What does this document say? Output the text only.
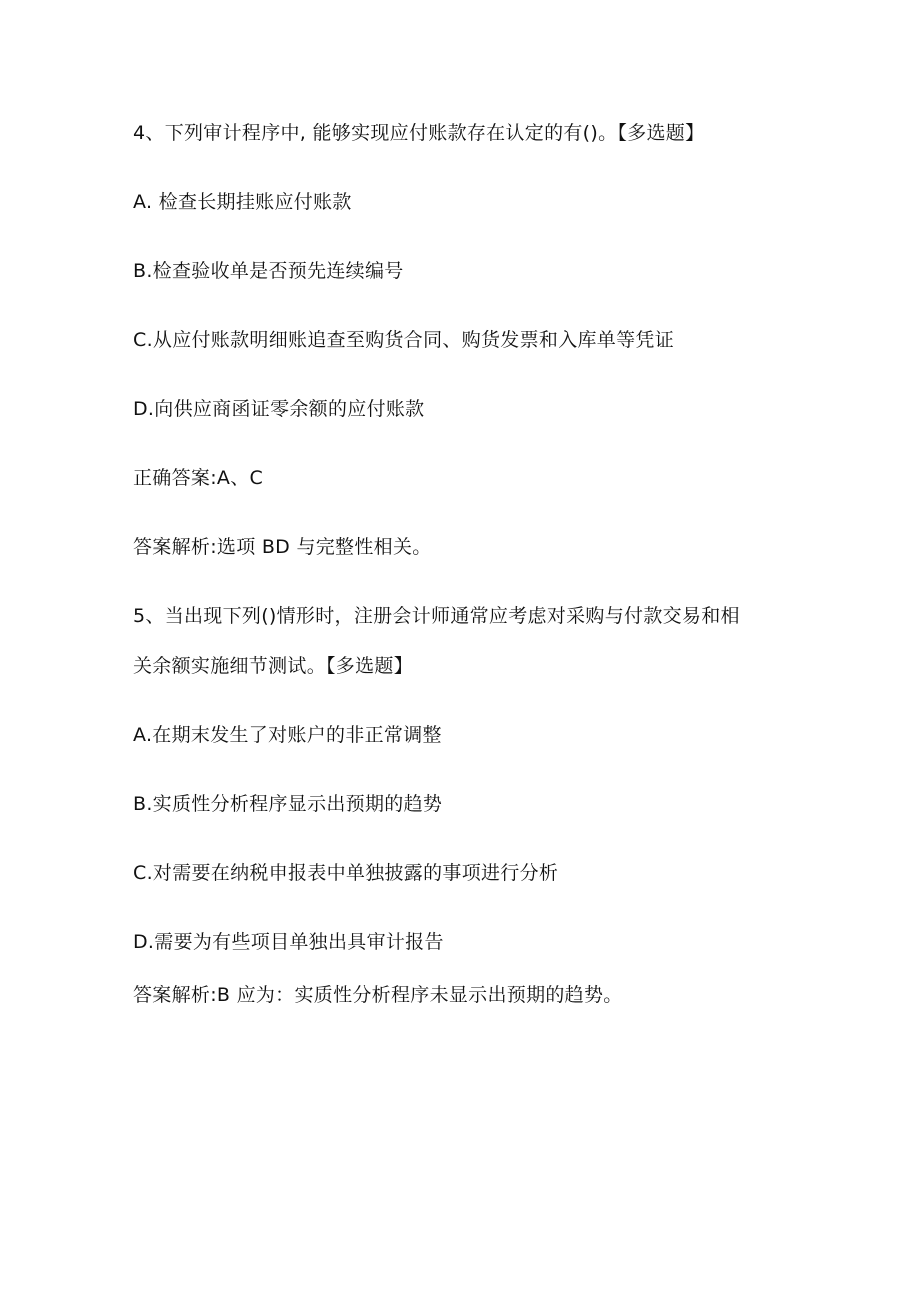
4、下列审计程序中, 能够实现应付账款存在认定的有()。【多选题】

A. 检查长期挂账应付账款

B.检查验收单是否预先连续编号

C.从应付账款明细账追查至购货合同、购货发票和入库单等凭证

D.向供应商函证零余额的应付账款

正确答案:A、C

答案解析:选项 BD 与完整性相关。

5、当出现下列()情形时，注册会计师通常应考虑对采购与付款交易和相

关余额实施细节测试。【多选题】

A.在期末发生了对账户的非正常调整

B.实质性分析程序显示出预期的趋势

C.对需要在纳税申报表中单独披露的事项进行分析

D.需要为有些项目单独出具审计报告

答案解析:B 应为：实质性分析程序未显示出预期的趋势。
